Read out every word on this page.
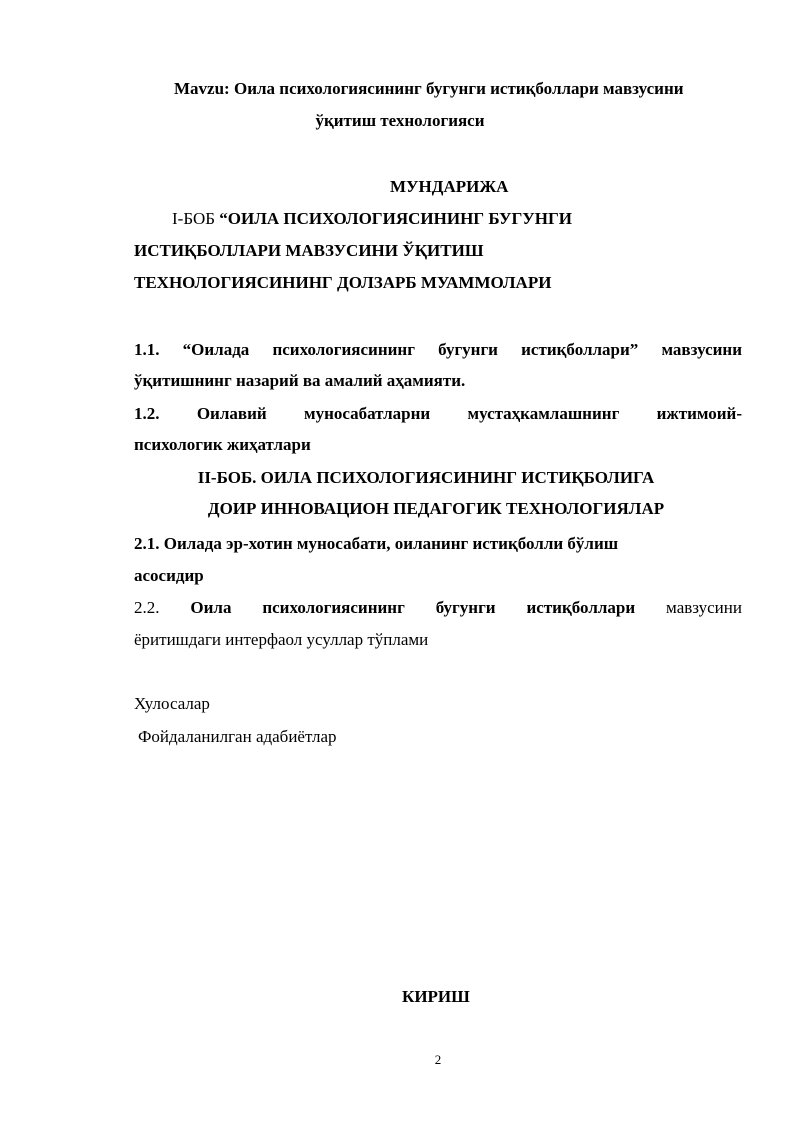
Mavzu: Оила психологиясининг бугунги истиқболлари мавзусини
ўқитиш технологияси
МУНДАРИЖА
I-БОБ “ОИЛА ПСИХОЛОГИЯСИНИНГ БУГУНГИ
ИСТИҚБОЛЛАРИ МАВЗУСИНИ ЎҚИТИШ
ТЕХНОЛОГИЯСИНИНГ ДОЛЗАРБ МУАММОЛАРИ
1.1. “Оилада психологиясининг бугунги истиқболлари” мавзусини
ўқитишнинг назарий ва амалий аҳамияти.
1.2. Оилавий муносабатларни мустаҳкамлашнинг ижтимоий-
психологик жиҳатлари
II-БОБ. ОИЛА ПСИХОЛОГИЯСИНИНГ ИСТИҚБОЛИГА
ДОИР ИННОВАЦИОН ПЕДАГОГИК ТЕХНОЛОГИЯЛАР
2.1. Оилада эр-хотин муносабати, оиланинг истиқболли бўлиш
асосидир
2.2. Оила психологиясининг бугунги истиқболлари мавзусини
ёритишдаги интерфаол усуллар тўплами
Хулосалар
Фойдаланилган адабиётлар
КИРИШ
2
